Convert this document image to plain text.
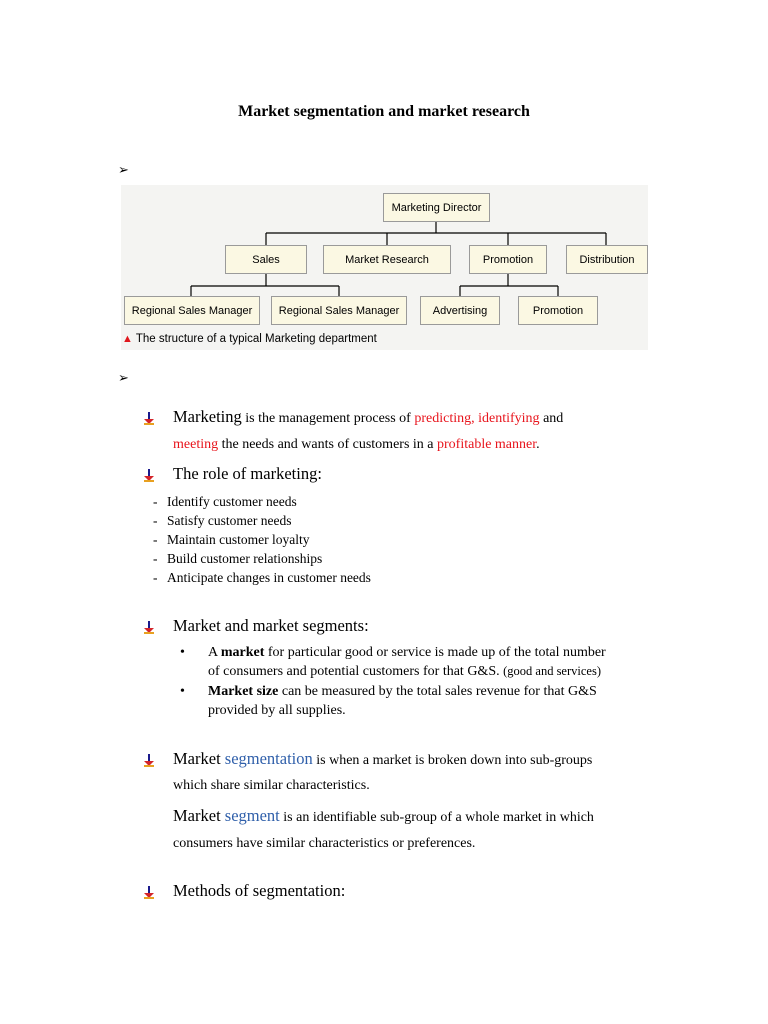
Market segmentation and market research
➢
Marketing Director
Sales	Market Research	Promotion	Distribution
Regional Sales Manager	Regional Sales Manager	Advertising	Promotion
▲ The structure of a typical Marketing department
➢
Marketing is the management process of predicting, identifying and
meeting the needs and wants of customers in a profitable manner.
The role of marketing:
- Identify customer needs
- Satisfy customer needs
- Maintain customer loyalty
- Build customer relationships
- Anticipate changes in customer needs
Market and market segments:
• A market for particular good or service is made up of the total number
of consumers and potential customers for that G&S. (good and services)
• Market size can be measured by the total sales revenue for that G&S
provided by all supplies.
Market segmentation is when a market is broken down into sub-groups
which share similar characteristics.
Market segment is an identifiable sub-group of a whole market in which
consumers have similar characteristics or preferences.
Methods of segmentation:
